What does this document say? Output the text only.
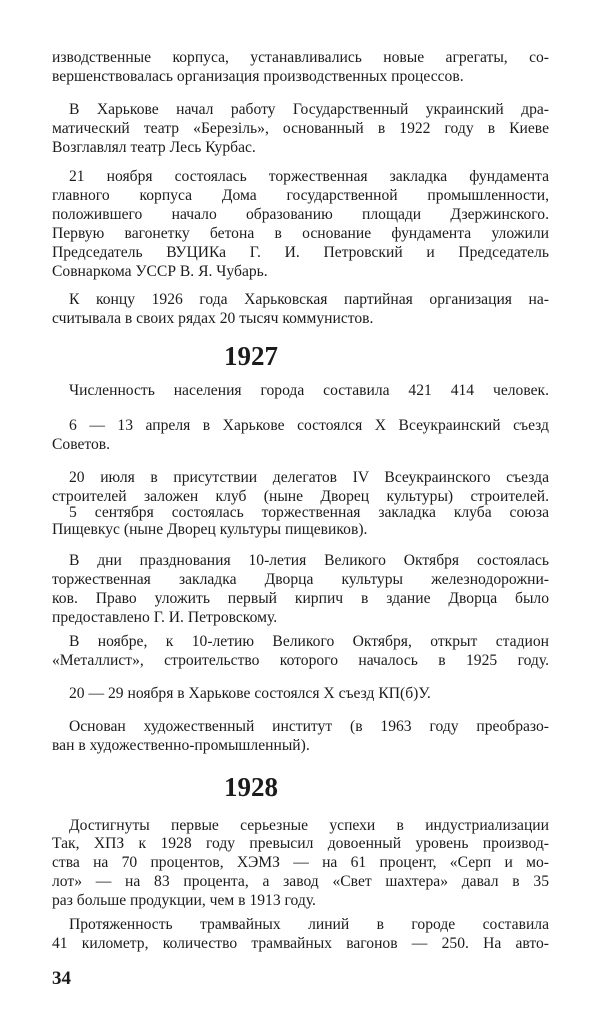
изводственные корпуса, устанавливались новые агрегаты, со-
вершенствовалась организация производственных процессов.
В Харькове начал работу Государственный украинский дра-
матический театр «Березіль», основанный в 1922 году в Киеве
Возглавлял театр Лесь Курбас.
21 ноября состоялась торжественная закладка фундамента
главного корпуса Дома государственной промышленности,
положившего начало образованию площади Дзержинского.
Первую вагонетку бетона в основание фундамента уложили
Председатель ВУЦИКа Г. И. Петровский и Председатель
Совнаркома УССР В. Я. Чубарь.
К концу 1926 года Харьковская партийная организация на-
считывала в своих рядах 20 тысяч коммунистов.
1927
Численность населения города составила 421 414 человек.
6 — 13 апреля в Харькове состоялся X Всеукраинский съезд
Советов.
20 июля в присутствии делегатов IV Всеукраинского съезда
строителей заложен клуб (ныне Дворец культуры) строителей.
5 сентября состоялась торжественная закладка клуба союза
Пищевкус (ныне Дворец культуры пищевиков).
В дни празднования 10-летия Великого Октября состоялась
торжественная закладка Дворца культуры железнодорожни-
ков. Право уложить первый кирпич в здание Дворца было
предоставлено Г. И. Петровскому.
В ноябре, к 10-летию Великого Октября, открыт стадион
«Металлист», строительство которого началось в 1925 году.
20 — 29 ноября в Харькове состоялся X съезд КП(б)У.
Основан художественный институт (в 1963 году преобразо-
ван в художественно-промышленный).
1928
Достигнуты первые серьезные успехи в индустриализации
Так, ХПЗ к 1928 году превысил довоенный уровень производ-
ства на 70 процентов, ХЭМЗ — на 61 процент, «Серп и мо-
лот» — на 83 процента, а завод «Свет шахтера» давал в 35
раз больше продукции, чем в 1913 году.
Протяженность трамвайных линий в городе составила
41 километр, количество трамвайных вагонов — 250. На авто-
34
